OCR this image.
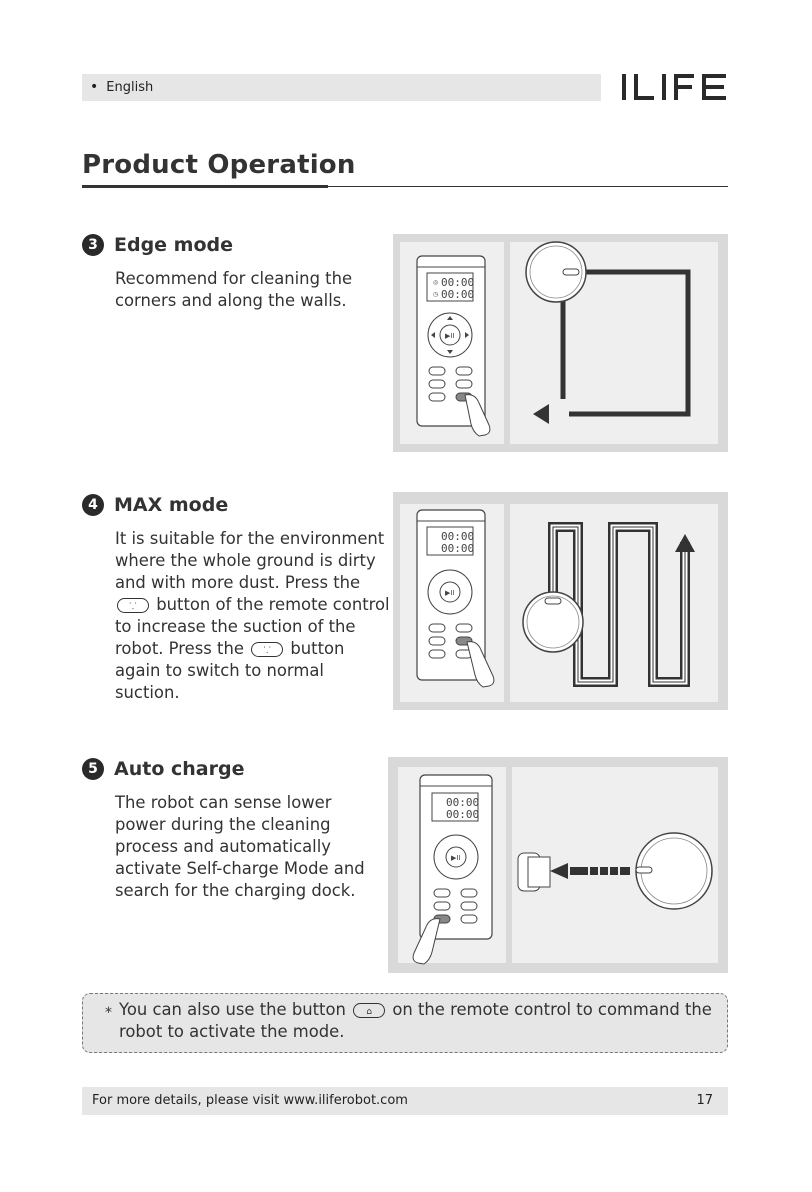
• English
Product Operation
3 Edge mode
Recommend for cleaning the
corners and along the walls.
◎
◷
00:00
00:00
▶II
4 MAX mode
It is suitable for the environment
where the whole ground is dirty
and with more dust. Press the
⸪	button of the remote control
to increase the suction of the
robot. Press the	⸪	button
again to switch to normal
suction.
00:00
00:00
▶II
5 Auto charge
The robot can sense lower
power during the cleaning
process and automatically
activate Self-charge Mode and
search for the charging dock.
00:00
00:00
▶II
* You can also use the button	⌂	on the remote control to command the
robot to activate the mode.
For more details, please visit www.iliferobot.com	17
